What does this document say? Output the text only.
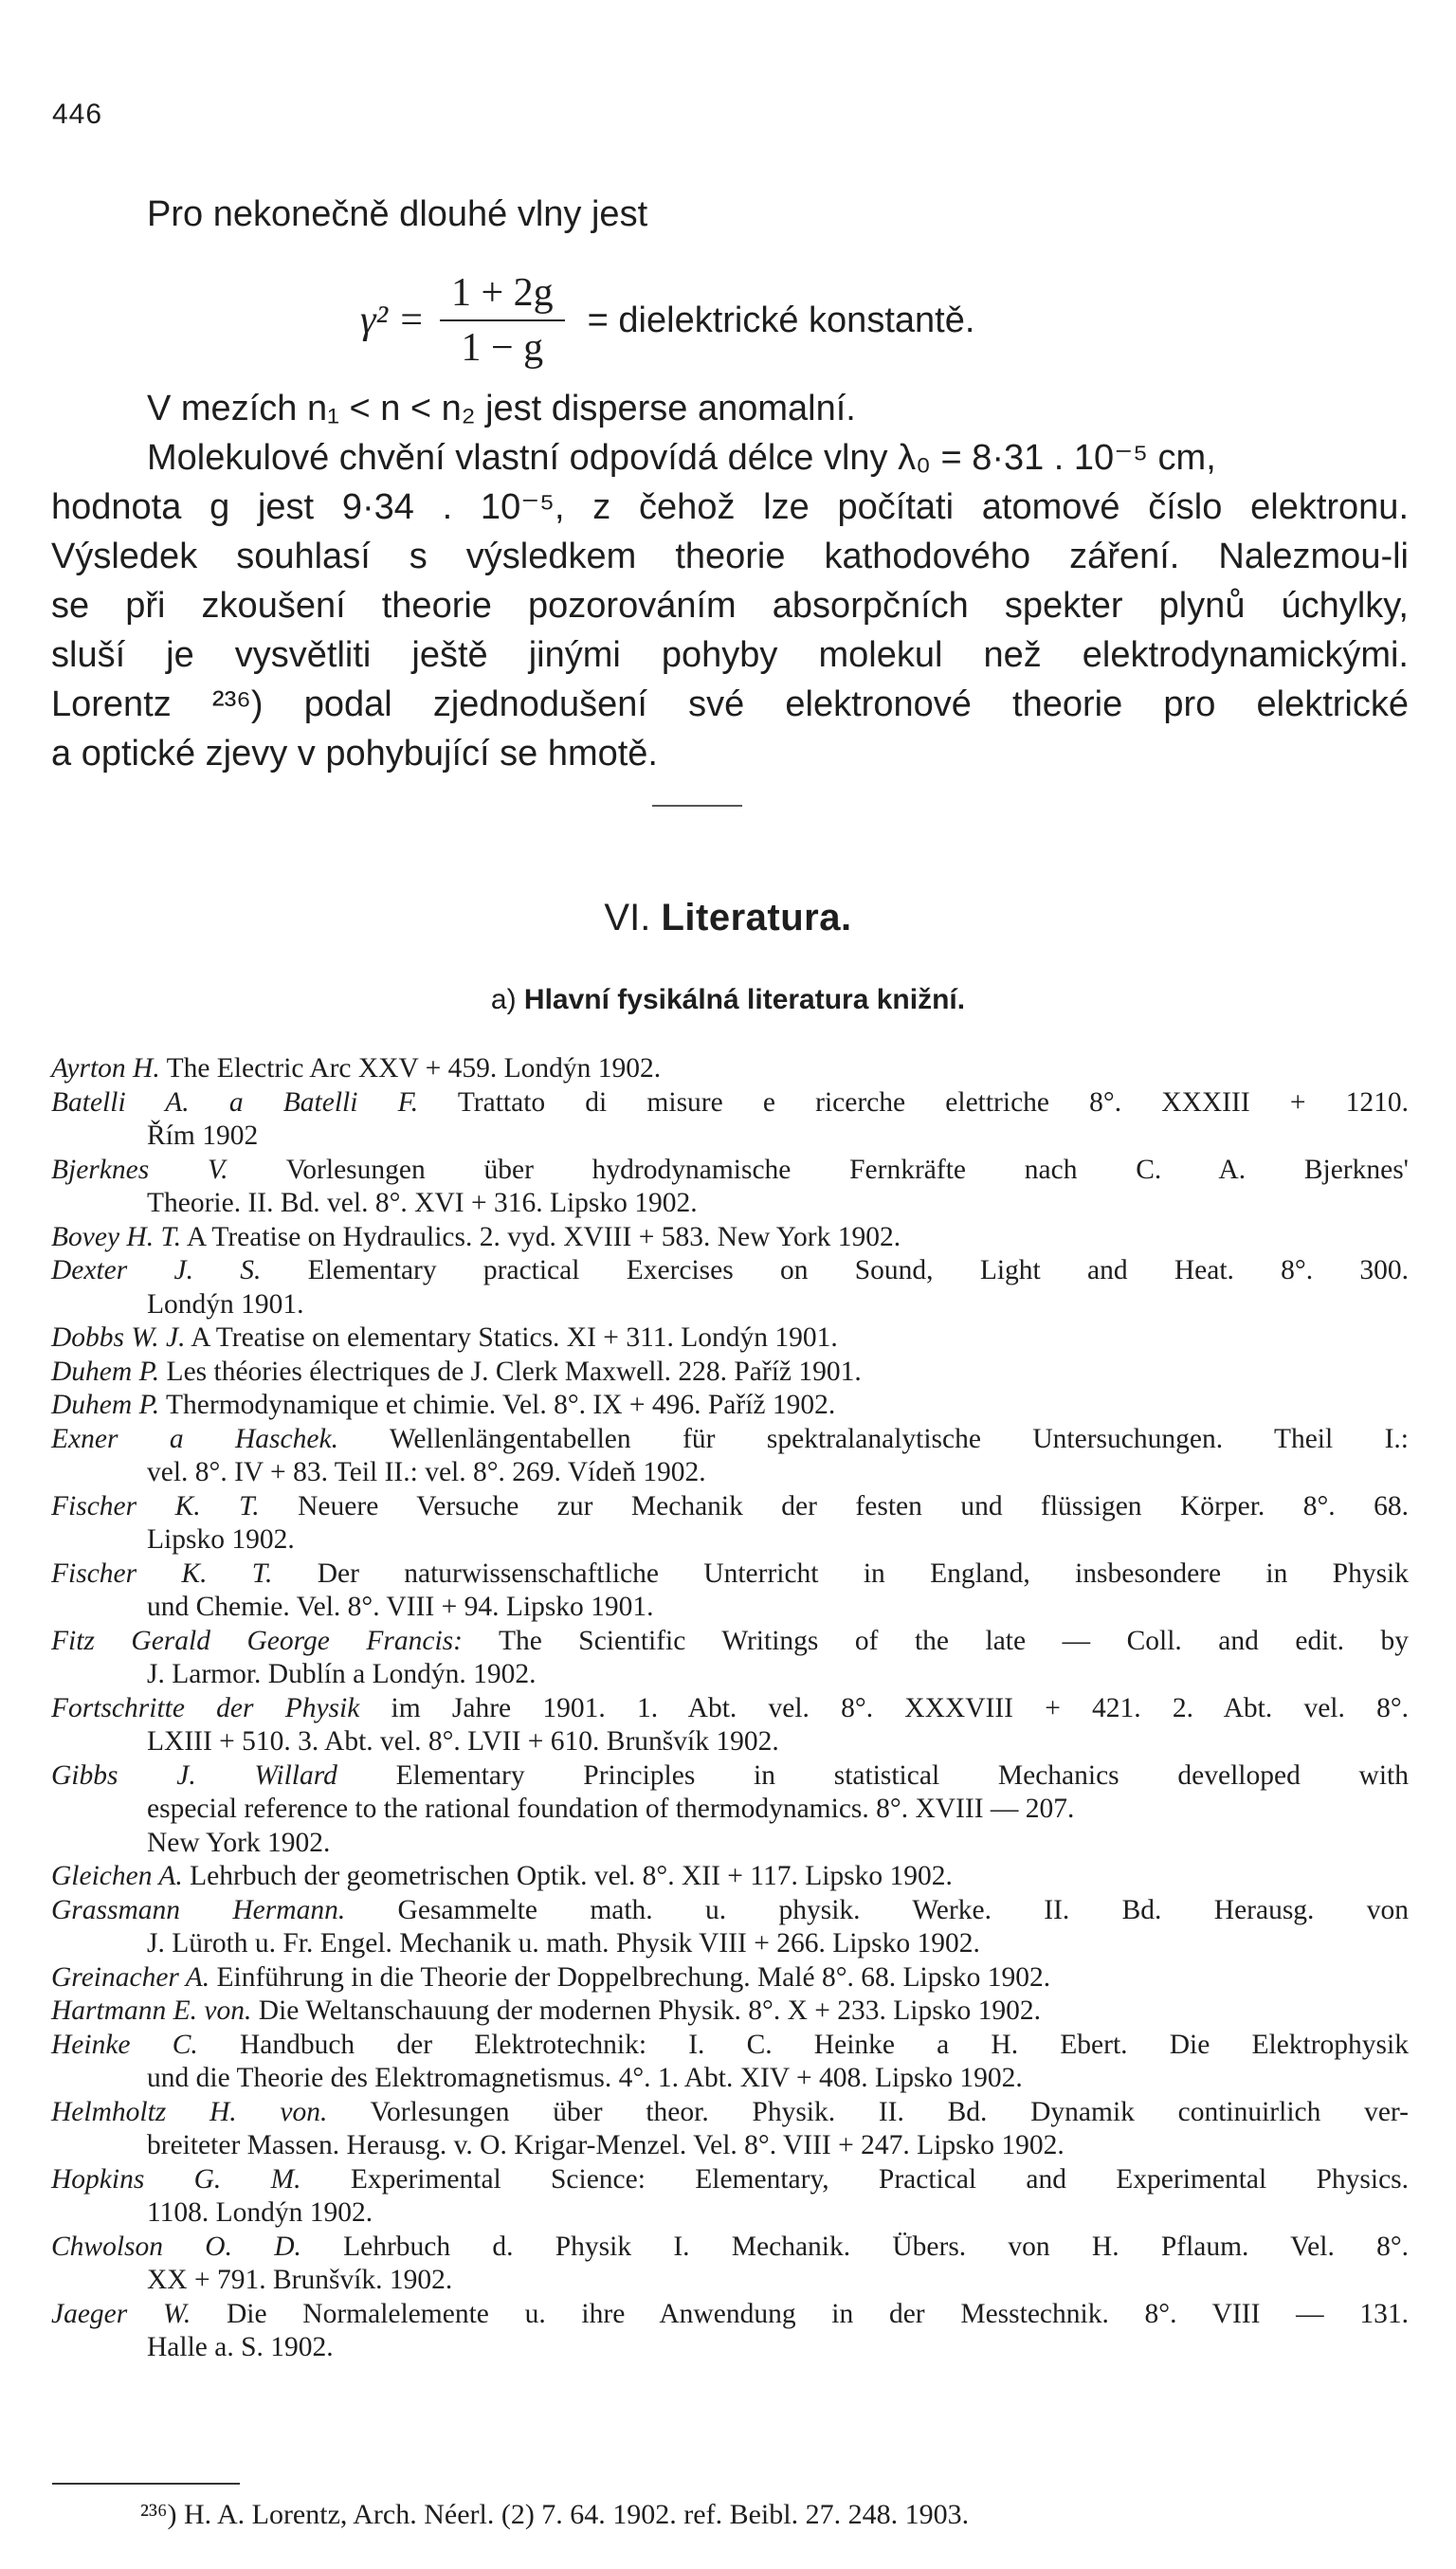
446
Pro nekonečně dlouhé vlny jest
$\gamma^2 = \frac{1 + 2g}{1 - g}$ = dielektrické konstantě.
V mezích n₁ < n < n₂ jest disperse anomalní.
Molekulové chvění vlastní odpovídá délce vlny λ₀ = 8·31 . 10⁻⁵ cm,
hodnota g jest 9·34 . 10⁻⁵, z čehož lze počítati atomové číslo elektronu.
Výsledek souhlasí s výsledkem theorie kathodového záření. Nalezmou-li
se při zkoušení theorie pozorováním absorpčních spekter plynů úchylky,
sluší je vysvětliti ještě jinými pohyby molekul než elektrodynamickými.
Lorentz ²³⁶) podal zjednodušení své elektronové theorie pro elektrické
a optické zjevy v pohybující se hmotě.
VI. Literatura.
a) Hlavní fysikálná literatura knižní.
Ayrton H. The Electric Arc XXV + 459. Londýn 1902.
Batelli A. a Batelli F. Trattato di misure e ricerche elettriche 8°. XXXIII + 1210.
Řím 1902
Bjerknes V. Vorlesungen über hydrodynamische Fernkräfte nach C. A. Bjerknes'
Theorie. II. Bd. vel. 8°. XVI + 316. Lipsko 1902.
Bovey H. T. A Treatise on Hydraulics. 2. vyd. XVIII + 583. New York 1902.
Dexter J. S. Elementary practical Exercises on Sound, Light and Heat. 8°. 300.
Londýn 1901.
Dobbs W. J. A Treatise on elementary Statics. XI + 311. Londýn 1901.
Duhem P. Les théories électriques de J. Clerk Maxwell. 228. Paříž 1901.
Duhem P. Thermodynamique et chimie. Vel. 8°. IX + 496. Paříž 1902.
Exner a Haschek. Wellenlängentabellen für spektralanalytische Untersuchungen. Theil I.:
vel. 8°. IV + 83. Teil II.: vel. 8°. 269. Vídeň 1902.
Fischer K. T. Neuere Versuche zur Mechanik der festen und flüssigen Körper. 8°. 68.
Lipsko 1902.
Fischer K. T. Der naturwissenschaftliche Unterricht in England, insbesondere in Physik
und Chemie. Vel. 8°. VIII + 94. Lipsko 1901.
Fitz Gerald George Francis: The Scientific Writings of the late — Coll. and edit. by
J. Larmor. Dublín a Londýn. 1902.
Fortschritte der Physik im Jahre 1901. 1. Abt. vel. 8°. XXXVIII + 421. 2. Abt. vel. 8°.
LXIII + 510. 3. Abt. vel. 8°. LVII + 610. Brunšvík 1902.
Gibbs J. Willard Elementary Principles in statistical Mechanics develloped with
especial reference to the rational foundation of thermodynamics. 8°. XVIII — 207.
New York 1902.
Gleichen A. Lehrbuch der geometrischen Optik. vel. 8°. XII + 117. Lipsko 1902.
Grassmann Hermann. Gesammelte math. u. physik. Werke. II. Bd. Herausg. von
J. Lüroth u. Fr. Engel. Mechanik u. math. Physik VIII + 266. Lipsko 1902.
Greinacher A. Einführung in die Theorie der Doppelbrechung. Malé 8°. 68. Lipsko 1902.
Hartmann E. von. Die Weltanschauung der modernen Physik. 8°. X + 233. Lipsko 1902.
Heinke C. Handbuch der Elektrotechnik: I. C. Heinke a H. Ebert. Die Elektrophysik
und die Theorie des Elektromagnetismus. 4°. 1. Abt. XIV + 408. Lipsko 1902.
Helmholtz H. von. Vorlesungen über theor. Physik. II. Bd. Dynamik continuirlich ver-
breiteter Massen. Herausg. v. O. Krigar-Menzel. Vel. 8°. VIII + 247. Lipsko 1902.
Hopkins G. M. Experimental Science: Elementary, Practical and Experimental Physics.
1108. Londýn 1902.
Chwolson O. D. Lehrbuch d. Physik I. Mechanik. Übers. von H. Pflaum. Vel. 8°.
XX + 791. Brunšvík. 1902.
Jaeger W. Die Normalelemente u. ihre Anwendung in der Messtechnik. 8°. VIII — 131.
Halle a. S. 1902.
²³⁶) H. A. Lorentz, Arch. Néerl. (2) 7. 64. 1902. ref. Beibl. 27. 248. 1903.
